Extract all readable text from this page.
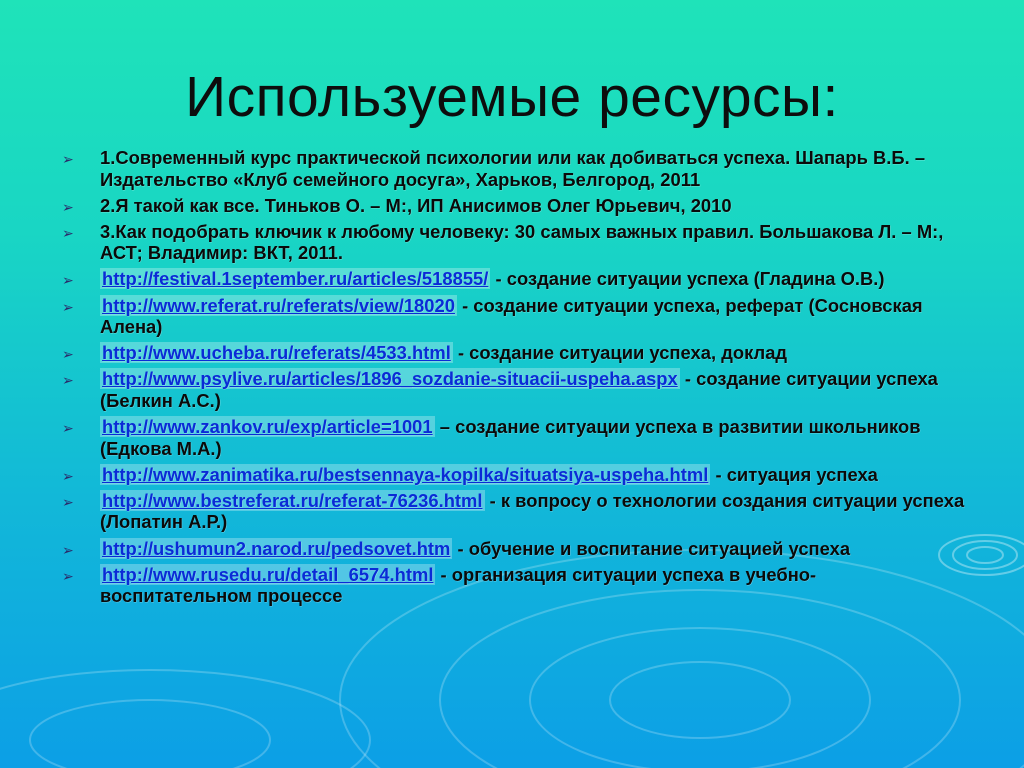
Используемые ресурсы:
➢ 1.Современный курс практической психологии или как добиваться успеха. Шапарь В.Б. – Издательство «Клуб семейного досуга», Харьков, Белгород, 2011
➢ 2.Я такой как все. Тиньков О. – М:, ИП Анисимов Олег Юрьевич, 2010
➢ 3.Как подобрать ключик к любому человеку: 30 самых важных правил. Большакова Л. – М:, АСТ; Владимир: ВКТ, 2011.
➢ http://festival.1september.ru/articles/518855/ - создание ситуации успеха (Гладина О.В.)
➢ http://www.referat.ru/referats/view/18020 - создание ситуации успеха, реферат (Сосновская Алена)
➢ http://www.ucheba.ru/referats/4533.html - создание ситуации успеха, доклад
➢ http://www.psylive.ru/articles/1896_sozdanie-situacii-uspeha.aspx - создание ситуации успеха (Белкин А.С.)
➢ http://www.zankov.ru/exp/article=1001 – создание ситуации успеха в развитии школьников (Едкова М.А.)
➢ http://www.zanimatika.ru/bestsennaya-kopilka/situatsiya-uspeha.html - ситуация успеха
➢ http://www.bestreferat.ru/referat-76236.html - к вопросу о технологии создания ситуации успеха (Лопатин А.Р.)
➢ http://ushumun2.narod.ru/pedsovet.htm - обучение и воспитание ситуацией успеха
➢ http://www.rusedu.ru/detail_6574.html - организация ситуации успеха в учебно-воспитательном процессе
